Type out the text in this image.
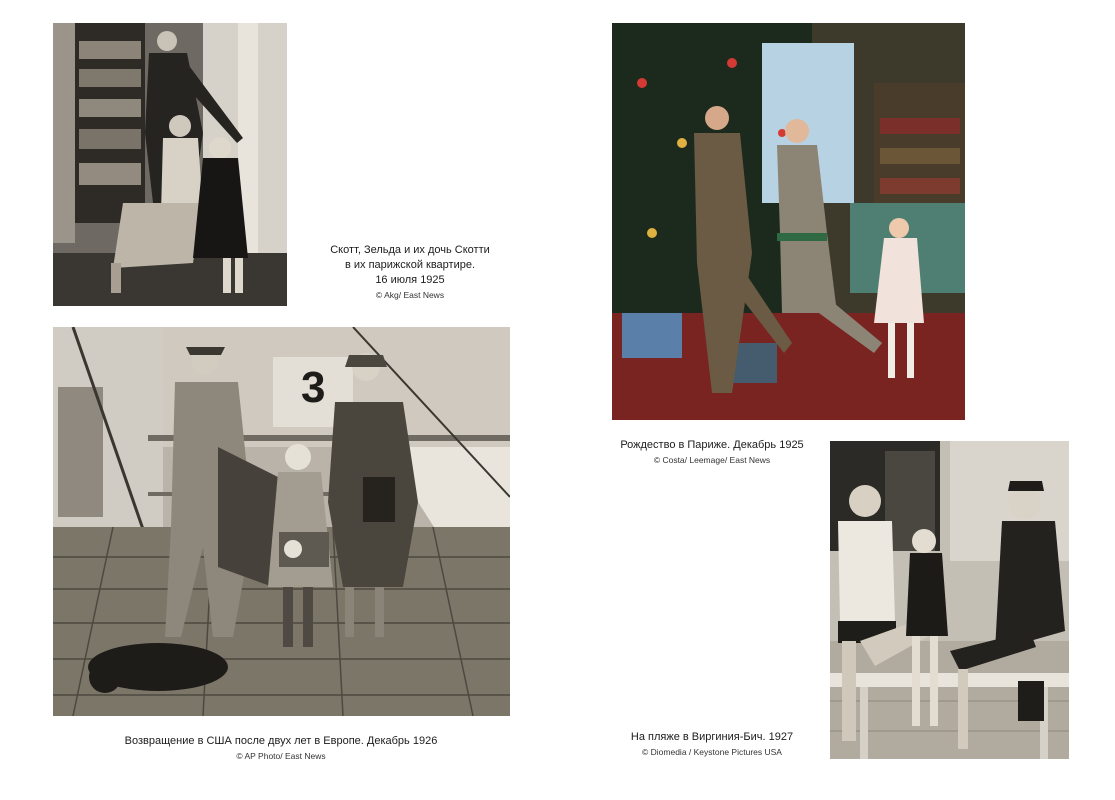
Скотт, Зельда и их дочь Скотти
в их парижской квартире.
16 июля 1925
© Akg/ East News
Рождество в Париже. Декабрь 1925
© Costa/ Leemage/ East News
3
Возвращение в США после двух лет в Европе. Декабрь 1926
© AP Photo/ East News
На пляже в Виргиния-Бич. 1927
© Diomedia / Keystone Pictures USA
